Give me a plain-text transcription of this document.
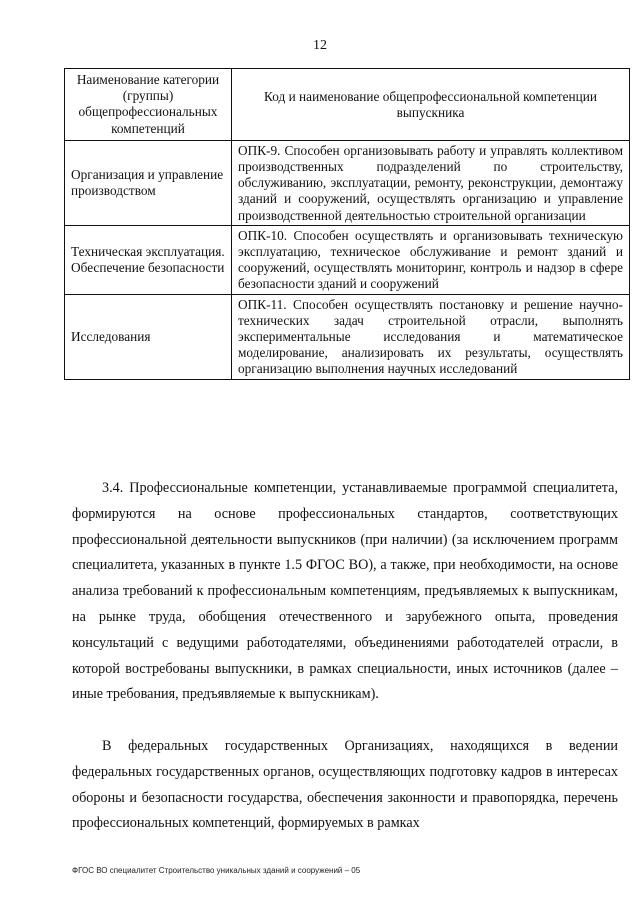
12
Наименование категории (группы) общепрофессиональных компетенций	Код и наименование общепрофессиональной компетенции выпускника
Организация и управление производством	ОПК-9. Способен организовывать работу и управлять коллективом производственных подразделений по строительству, обслуживанию, эксплуатации, ремонту, реконструкции, демонтажу зданий и сооружений, осуществлять организацию и управление производственной деятельностью строительной организации
Техническая эксплуатация. Обеспечение безопасности	ОПК-10. Способен осуществлять и организовывать техническую эксплуатацию, техническое обслуживание и ремонт зданий и сооружений, осуществлять мониторинг, контроль и надзор в сфере безопасности зданий и сооружений
Исследования	ОПК-11. Способен осуществлять постановку и решение научно-технических задач строительной отрасли, выполнять экспериментальные исследования и математическое моделирование, анализировать их результаты, осуществлять организацию выполнения научных исследований

3.4. Профессиональные компетенции, устанавливаемые программой специалитета, формируются на основе профессиональных стандартов, соответствующих профессиональной деятельности выпускников (при наличии) (за исключением программ специалитета, указанных в пункте 1.5 ФГОС ВО), а также, при необходимости, на основе анализа требований к профессиональным компетенциям, предъявляемых к выпускникам, на рынке труда, обобщения отечественного и зарубежного опыта, проведения консультаций с ведущими работодателями, объединениями работодателей отрасли, в которой востребованы выпускники, в рамках специальности, иных источников (далее – иные требования, предъявляемые к выпускникам).

В федеральных государственных Организациях, находящихся в ведении федеральных государственных органов, осуществляющих подготовку кадров в интересах обороны и безопасности государства, обеспечения законности и правопорядка, перечень профессиональных компетенций, формируемых в рамках

ФГОС ВО специалитет Строительство уникальных зданий и сооружений – 05
